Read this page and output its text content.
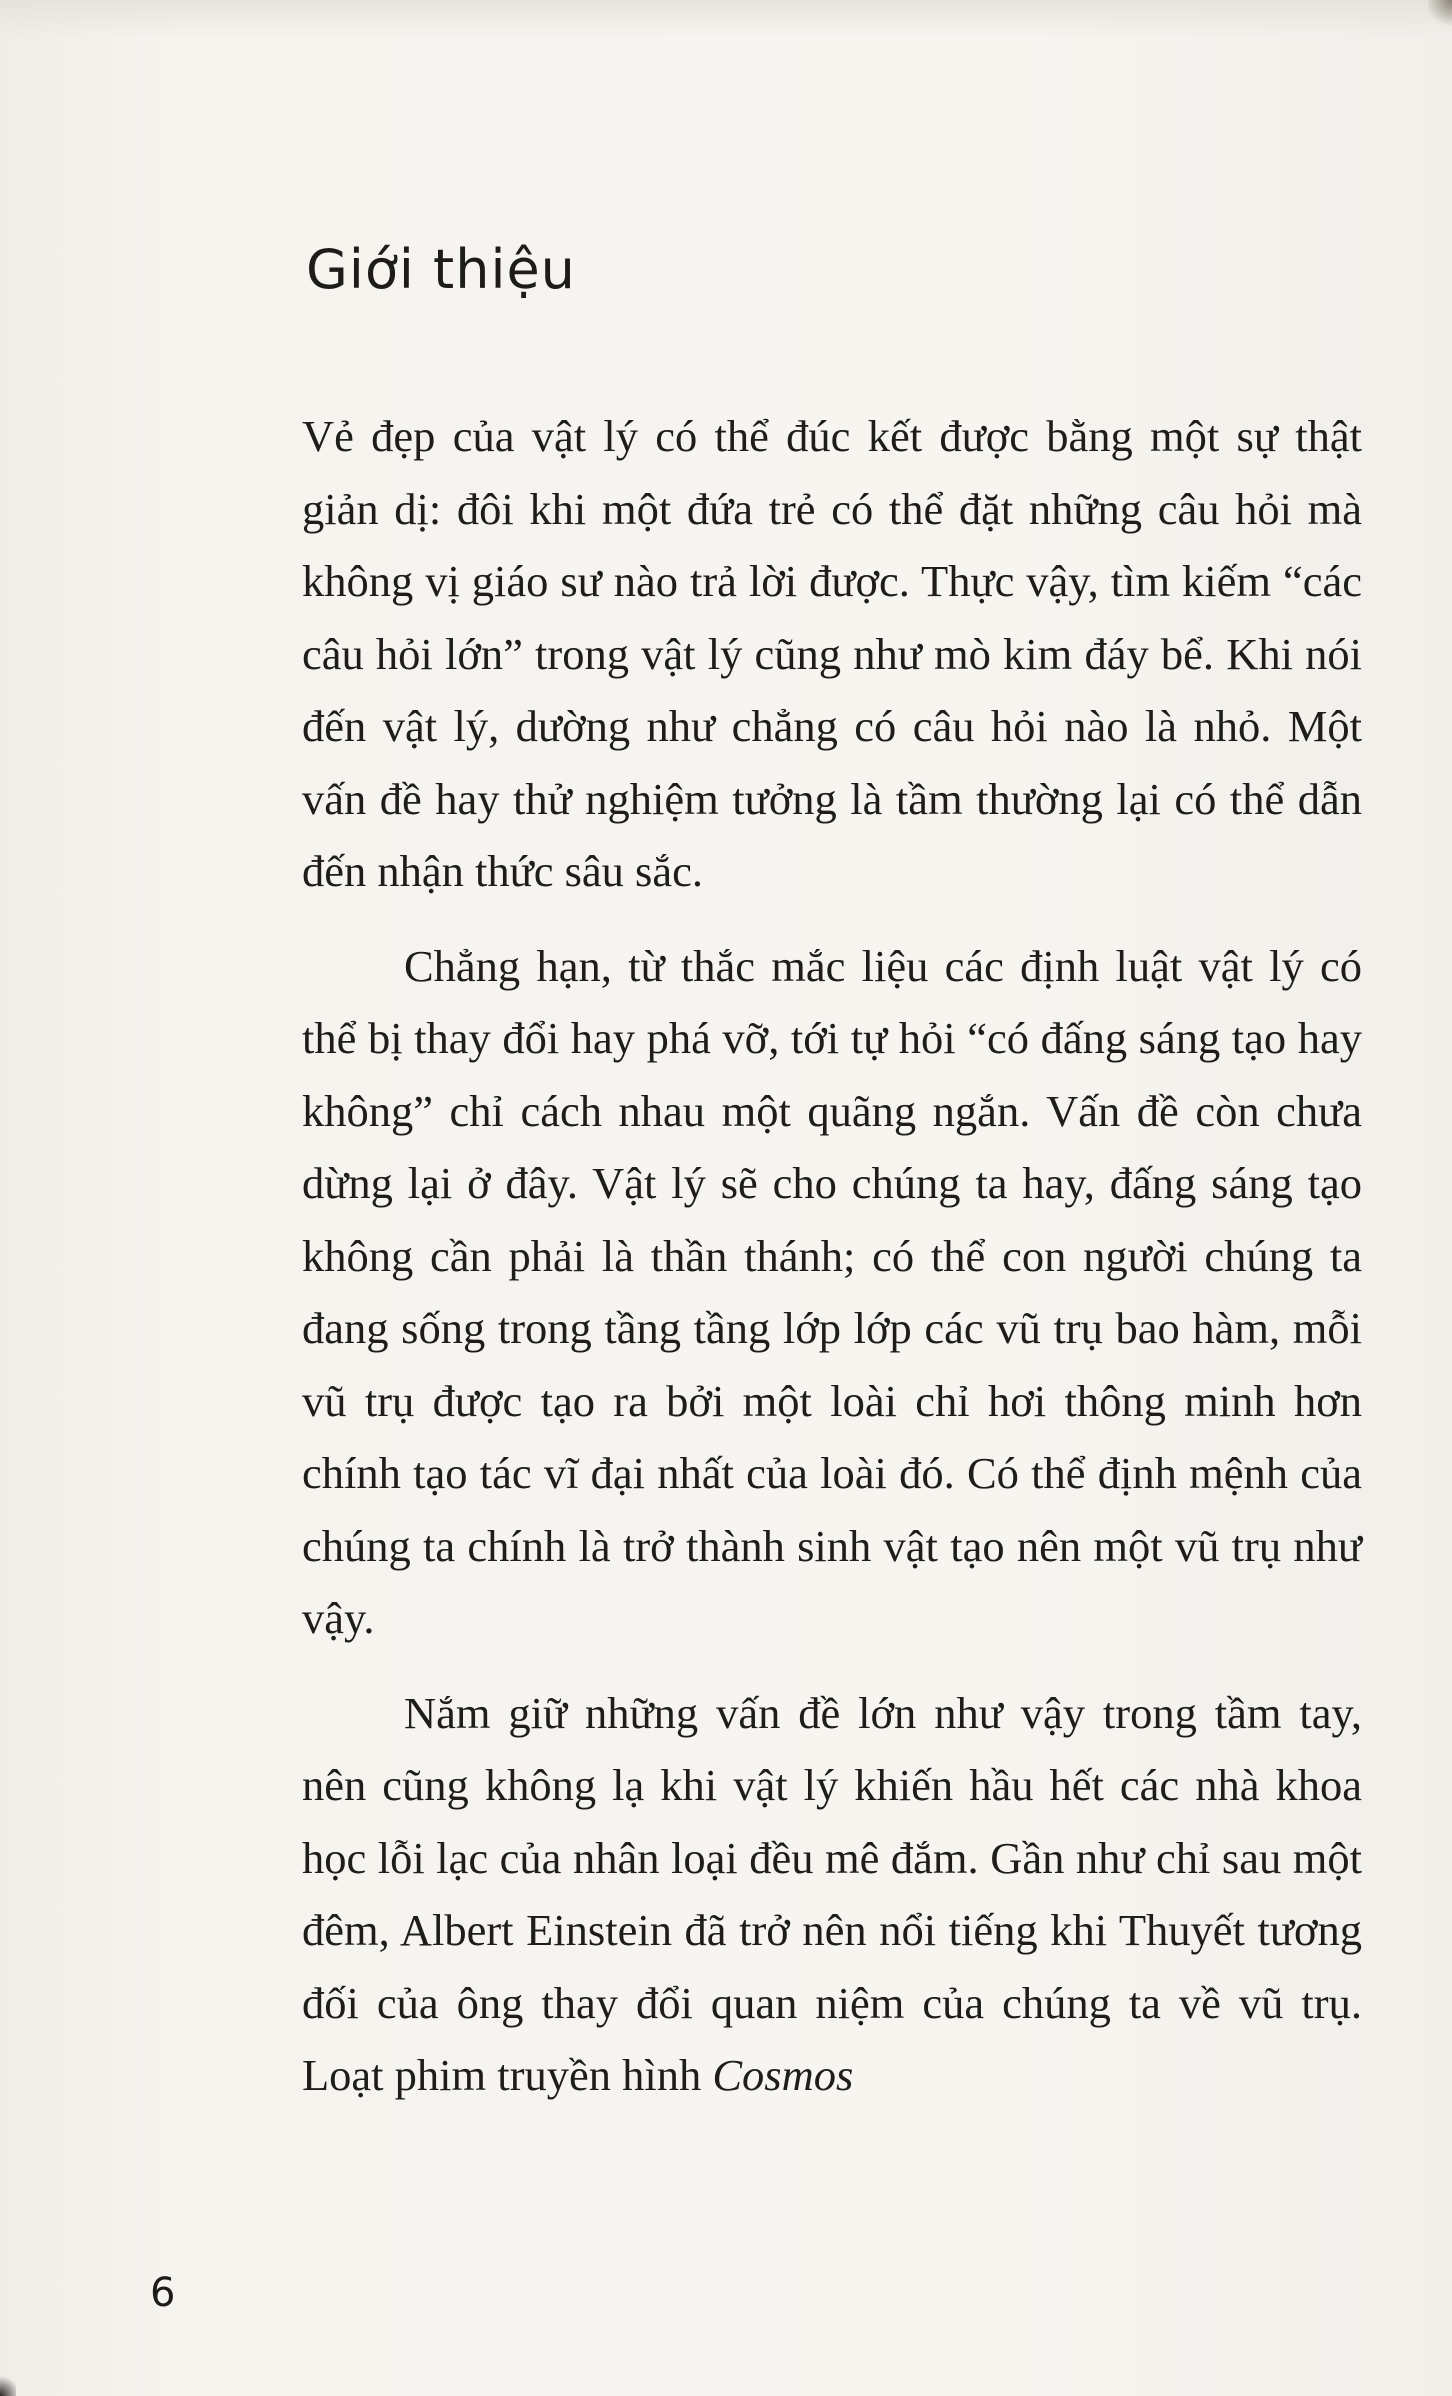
Giới thiệu

Vẻ đẹp của vật lý có thể đúc kết được bằng một sự thật giản dị: đôi khi một đứa trẻ có thể đặt những câu hỏi mà không vị giáo sư nào trả lời được. Thực vậy, tìm kiếm “các câu hỏi lớn” trong vật lý cũng như mò kim đáy bể. Khi nói đến vật lý, dường như chẳng có câu hỏi nào là nhỏ. Một vấn đề hay thử nghiệm tưởng là tầm thường lại có thể dẫn đến nhận thức sâu sắc.

Chẳng hạn, từ thắc mắc liệu các định luật vật lý có thể bị thay đổi hay phá vỡ, tới tự hỏi “có đấng sáng tạo hay không” chỉ cách nhau một quãng ngắn. Vấn đề còn chưa dừng lại ở đây. Vật lý sẽ cho chúng ta hay, đấng sáng tạo không cần phải là thần thánh; có thể con người chúng ta đang sống trong tầng tầng lớp lớp các vũ trụ bao hàm, mỗi vũ trụ được tạo ra bởi một loài chỉ hơi thông minh hơn chính tạo tác vĩ đại nhất của loài đó. Có thể định mệnh của chúng ta chính là trở thành sinh vật tạo nên một vũ trụ như vậy.

Nắm giữ những vấn đề lớn như vậy trong tầm tay, nên cũng không lạ khi vật lý khiến hầu hết các nhà khoa học lỗi lạc của nhân loại đều mê đắm. Gần như chỉ sau một đêm, Albert Einstein đã trở nên nổi tiếng khi Thuyết tương đối của ông thay đổi quan niệm của chúng ta về vũ trụ. Loạt phim truyền hình Cosmos

6
